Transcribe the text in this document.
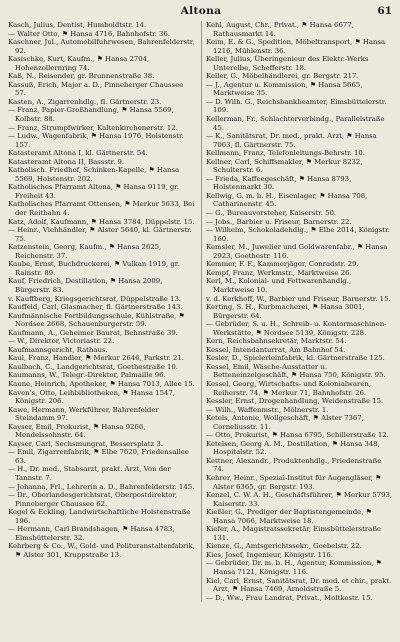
Altona	61
Kasch, Julius, Dentist, Humboldtstr. 14.
— Walter Otto, ⚑ Hansa 4716, Bahnhofstr. 36.
Kaschner, Jul., Automobilfuhrwesen, Bahrenfelderstr. 92.
Kasischke, Kurt, Kaufm., ⚑ Hansa 2704, Hohenzollernring 74.
Kaß, N., Reisender, gr. Brunnenstraße 38.
Kassuß, Erich, Major a. D., Pinneberger Chaussee 57.
Kasten, A., Zigarrenhdlg., fl. Gärtnerstr. 23.
— Franz, Papier-Großhandlung, ⚑ Hansa 5569, Kolbstr. 88.
— Franz, Strumpfwirker, Kaltenkirchenerstr. 12.
— Ludw., Wagenfabrik, ⚑ Hansa 1976, Holstenstr. 157.
Katasteramt Altona I, kl. Gärtnerstr. 54.
Katasteramt Altona II, Bassstr. 9.
Katholisch. Friedhof, Schinken-Kapelle, ⚑ Hansa 5569, Holstenstr. 202.
Katholisches Pfarramt Altona, ⚑ Hansa 9119, gr. Freiheit 43.
Katholisches Pfarramt Ottensen, ⚑ Merkur 5633, Bei der Reitbahn 4.
Katz, Adolf, Kaufmann, ⚑ Hansa 3784, Düppelstr. 15.
— Heinr., Viehhändler, ⚑ Alster 5640, kl. Gärtnerstr. 75.
Katzenstein, Georg, Kaufm., ⚑ Hansa 2625, Reichenstr. 37.
Kaube, Ernst, Buchdruckerei, ⚑ Vulkan 1919, gr. Rainstr. 89.
Kauf, Friedrich, Destillation, ⚑ Hansa 2009, Bürgerstr. 83.
v. Kauffberg, Kriegsgerichtsrat, Düppelstraße 13.
Kauffeld, Carl, Glasmacher, fl. Gärtnerstraße 143.
Kaufmännische Fortbildungsschule, Kühlstraße, ⚑ Nordsee 2668, Schauenburgerstr. 59.
Kaufmann, A., Geheimer Baurat, Behnstraße 39.
— W., Direktor, Victoriastr. 22.
Kaufmannsgericht, Rathaus.
Kaul, Franz, Handler, ⚑ Merkur 2646, Parkstr. 21.
Kaulbach, C., Landgerichtsrat, Goethestraße 10.
Kaumanns, W., Telegr.-Direktor, Palmaille 96.
Kaune, Heinrich, Apotheker, ⚑ Hansa 7013, Allee 15.
Kaven's, Otto, Leihbibliotheken, ⚑ Hansa 1547, Königstr. 206.
Kawe, Hermann, Werkführer, Bahrenfelder Steindamm 97.
Kayser, Emil, Prokurist, ⚑ Hansa 9266, Mendelssohnstr. 64.
Kayser, Carl, Sechsmungrat, Bessersplatz 3.
— Emil, Zigarrenfabrik, ⚑ Elbe 7620, Friedensallee 63.
— H., Dr. med., Stabsarzt, prakt. Arzt, Von der Tannstr. 7.
— Johanna, Frl., Lehrerin a. D., Bahrenfelderstr. 145.
— Dr., Oberlandesgerichtsrat, Oberpostdirektor, Pinneberger Chaussee 62.
Kegel & Eckling, Landwirtschaftliche Holstenstraße 196.
— Hermann, Carl Brandshagen, ⚑ Hansa 4783, Elmsbüttelerstr. 32.
Kehrberg & Co., W., Gold- und Polituranstaltenfabrik, ⚑ Alster 301, Kruppstraße 13.
Kehl, August, Chr., Privat., ⚑ Hansa 6677, Rathausmarkt 14.
Keim, E. & G., Spedition, Möbeltransport, ⚑ Hansa 1216, Mühlenstr. 36.
Keller, Julius, Überingenieur des Elektr.-Werks Unterelbe, Schefferstr. 18.
Keller, G., Möbelhändlerei, gr. Bergstr. 217.
— J., Agentur u. Kommission, ⚑ Hansa 5665, Marktweise 35.
— D. Wilh. G., Reichsbankbeamter, Eimsbüttelerstr. 109.
Kellerman, Fr., Schlachterverbindg., Parallelstraße 45.
— K., Sanitätsrat, Dr. med., prakt. Arzt, ⚑ Hansa 7063, fl. Gärtnerstr. 75.
Kellmann, Franz, Telefonleitungs-Behrstr. 10.
Kellner, Carl, Schiffsmakler, ⚑ Merkur 8232, Schulterstr. 6.
— Frieda, Kaffeegeschäft, ⚑ Hansa 8793, Holstenmarkt 30.
Kellwig, G. m. b. H., Eisenlager, ⚑ Hansa 708, Catharinenstr. 45.
— G., Bureauvorsteher, Kaiserstr. 50.
— Jobs., Barbier u. Friseur, Barnerstr. 22.
— Wilhelm, Schokoladehdlg., ⚑ Elbe 2014, Königstr. 160.
Kemsler, M., Juwelier und Goldwarenfabr., ⚑ Hansa 2923, Goethestr. 116.
Kemmer, F. F., Kammerjäger, Conradstr. 29.
Kempf, Franz, Werkmstr., Marktweise 26.
Kerl, M., Kolonial- und Fettwarenhandlg., Marktweise 10.
v. d. Kerkhoff, W., Barbier und Friseur, Barnerstr. 15.
Kerting, S. H., Kurbmacherei, ⚑ Hansa 3001, Bürgerstr. 64.
— Gebrüder, S. u. H., Schreib- u. Kontormaschinen-Werkstätte, ⚑ Nordsee 5139, Königstr. 228.
Kern, Reichsbahnsekretär, Marktstr. 54.
Kessel, Intendanturrat, Am Bahnhof 54.
Kesler, D., Spielerleinfabrik, kl. Gärtnerstraße 125.
Kessel, Emil, Wäsche-Ausstatter u. Betteneinzelgeschäft, ⚑ Hansa 750, Königstr. 95.
Kessel, Georg, Wirtschafts- und Kolonialwaren, Reiherstr. 74, ⚑ Merkur 71, Bahnhofstr. 26.
Kessler, Ernst, Drogenhandlung, Weidenstraße 15.
— Wilh., Waffenmstr., Mölnerstr. 1.
Ketels, Antonie, Wollgeschäft, ⚑ Alster 7367, Corneliusstr. 11.
— Otto, Prokurist, ⚑ Hansa 6795, Schillerstraße 12.
Ketelsen, Georg A. M., Destillation, ⚑ Hansa 348, Hospitalstr. 52.
Kettner, Alexandr., Produktenhdlg., Friedenstraße 74.
Kehrer, Heinr., Spezial-Institut für Augengläser, ⚑ Alster 6365, gr. Bergstr. 193.
Kenzel, C. W. A. H., Geschäftsführer, ⚑ Merkur 5793, Kaiserstr. 33.
Kießler, G., Prediger der Baptistengemeinde, ⚑ Hansa 7066, Marktweise 18.
Kiefer, A., Magistratssekretär, Eimsbüttelerstraße 131.
Kienze, G., Amtsgerichtssekr., Goebelstr. 22.
Kies, Josef, Ingenieur, Königstr. 116.
— Gebrüder, Dr. m. b. H., Agentur, Kommission, ⚑ Hansa 7121, Königstr. 116.
Kiel, Carl, Ernst, Sanitätsrat, Dr. med. et chir., prakt. Arzt, ⚑ Hansa 7469, Arnoldstraße 5.
— D., Ww., Frau Landrat, Privat., Moltkestr. 15.
